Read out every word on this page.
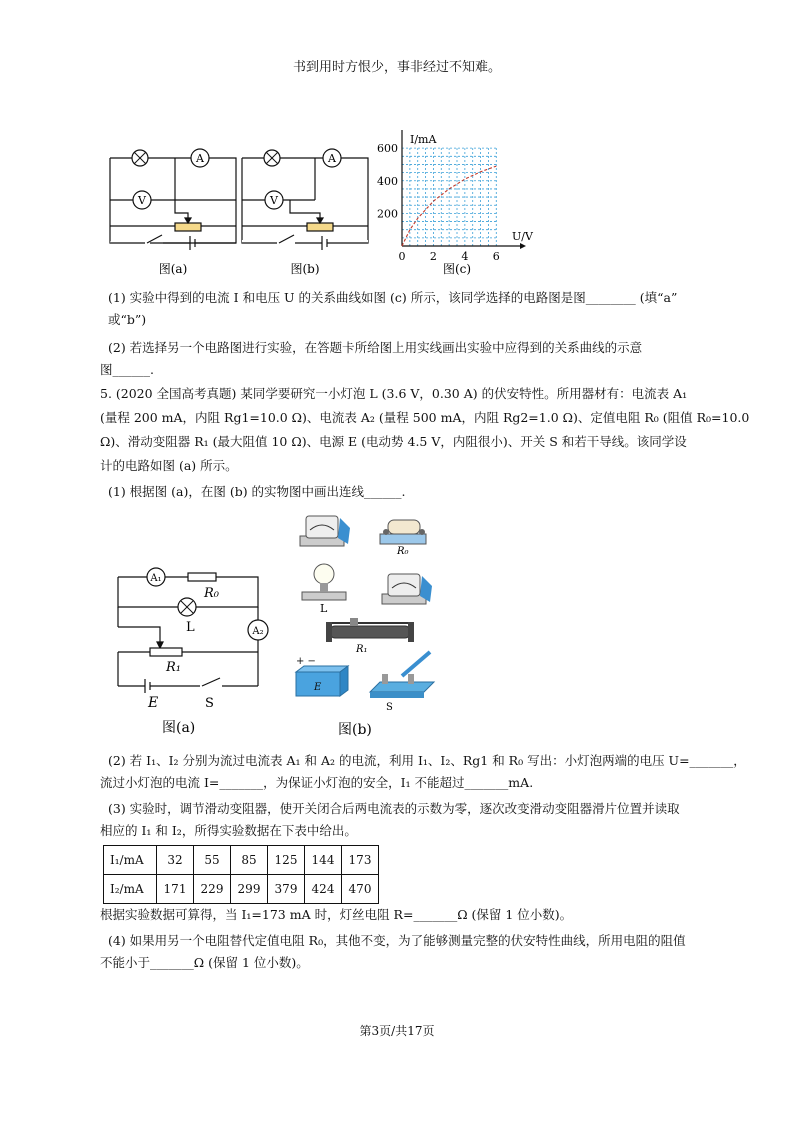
书到用时方恨少，事非经过不知难。
A
V
图(a)
A
V
图(b)
600
400
200
0 2 4 6
I/mA
U/V
图(c)
(1) 实验中得到的电流 I 和电压 U 的关系曲线如图 (c) 所示，该同学选择的电路图是图________ (填“a”
或“b”)
(2) 若选择另一个电路图进行实验，在答题卡所给图上用实线画出实验中应得到的关系曲线的示意
图______.
5. (2020 全国高考真题) 某同学要研究一小灯泡 L (3.6 V，0.30 A) 的伏安特性。所用器材有：电流表 A₁
(量程 200 mA，内阻 Rg1=10.0 Ω)、电流表 A₂ (量程 500 mA，内阻 Rg2=1.0 Ω)、定值电阻 R₀ (阻值 R₀=10.0
Ω)、滑动变阻器 R₁ (最大阻值 10 Ω)、电源 E (电动势 4.5 V，内阻很小)、开关 S 和若干导线。该同学设
计的电路如图 (a) 所示。
(1) 根据图 (a)，在图 (b) 的实物图中画出连线______.
A₁
R₀
L	A₂
R₁
E	S
图(a)
R₀
L
R₁
+ −
E
S
图(b)
(2) 若 I₁、I₂ 分别为流过电流表 A₁ 和 A₂ 的电流，利用 I₁、I₂、Rg1 和 R₀ 写出：小灯泡两端的电压 U=_______，
流过小灯泡的电流 I=_______，为保证小灯泡的安全，I₁ 不能超过_______mA.
(3) 实验时，调节滑动变阻器，使开关闭合后两电流表的示数为零，逐次改变滑动变阻器滑片位置并读取
相应的 I₁ 和 I₂，所得实验数据在下表中给出。
I₁/mA	32	55	85	125	144	173
I₂/mA	171	229	299	379	424	470
根据实验数据可算得，当 I₁=173 mA 时，灯丝电阻 R=_______Ω (保留 1 位小数)。
(4) 如果用另一个电阻替代定值电阻 R₀，其他不变，为了能够测量完整的伏安特性曲线，所用电阻的阻值
不能小于_______Ω (保留 1 位小数)。
第3页/共17页
